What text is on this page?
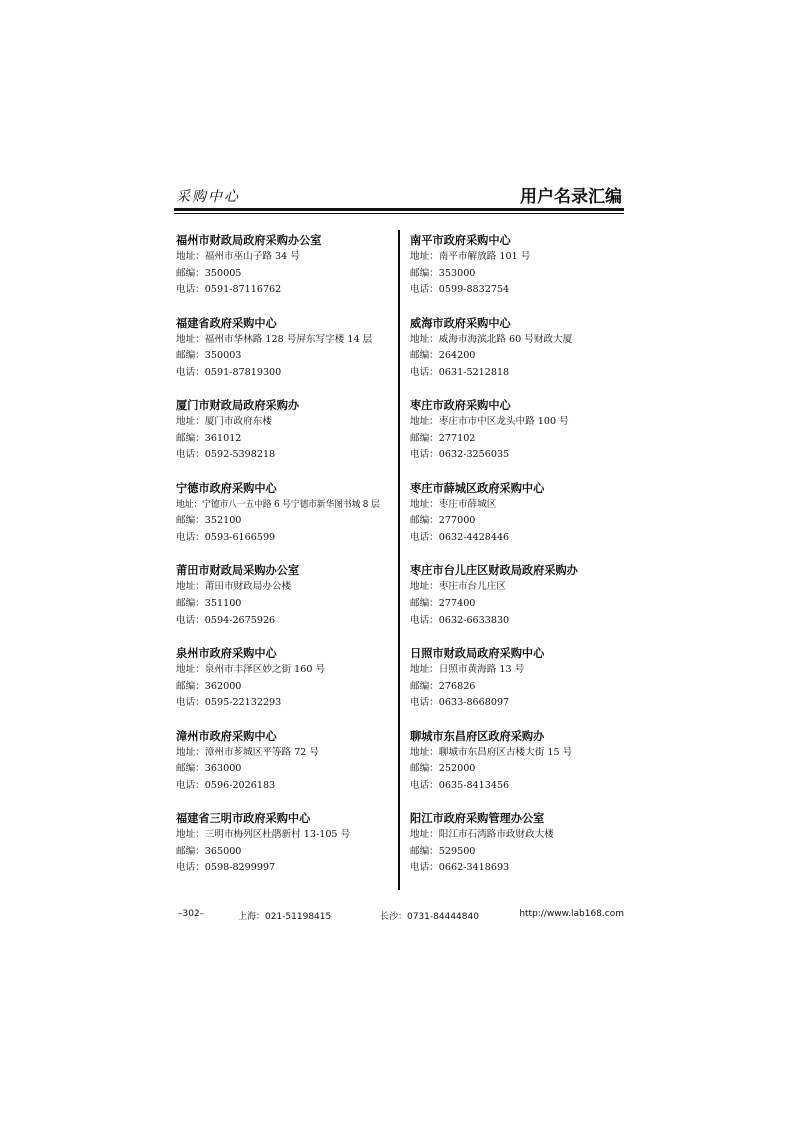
采购中心	用户名录汇编
福州市财政局政府采购办公室
地址：福州市巫山子路 34 号
邮编：350005
电话：0591-87116762
福建省政府采购中心
地址：福州市华林路 128 号屏东写字楼 14 层
邮编：350003
电话：0591-87819300
厦门市财政局政府采购办
地址：厦门市政府东楼
邮编：361012
电话：0592-5398218
宁德市政府采购中心
地址：宁德市八一五中路 6 号宁德市新华图书城 8 层
邮编：352100
电话：0593-6166599
莆田市财政局采购办公室
地址：莆田市财政局办公楼
邮编：351100
电话：0594-2675926
泉州市政府采购中心
地址：泉州市丰泽区妙之街 160 号
邮编：362000
电话：0595-22132293
漳州市政府采购中心
地址：漳州市芗城区平等路 72 号
邮编：363000
电话：0596-2026183
福建省三明市政府采购中心
地址：三明市梅列区杜鹃新村 13-105 号
邮编：365000
电话：0598-8299997
南平市政府采购中心
地址：南平市解放路 101 号
邮编：353000
电话：0599-8832754
威海市政府采购中心
地址：威海市海滨北路 60 号财政大厦
邮编：264200
电话：0631-5212818
枣庄市政府采购中心
地址：枣庄市市中区龙头中路 100 号
邮编：277102
电话：0632-3256035
枣庄市薛城区政府采购中心
地址：枣庄市薛城区
邮编：277000
电话：0632-4428446
枣庄市台儿庄区财政局政府采购办
地址：枣庄市台儿庄区
邮编：277400
电话：0632-6633830
日照市财政局政府采购中心
地址：日照市黄海路 13 号
邮编：276826
电话：0633-8668097
聊城市东昌府区政府采购办
地址：聊城市东昌府区古楼大街 15 号
邮编：252000
电话：0635-8413456
阳江市政府采购管理办公室
地址：阳江市石湾路市政财政大楼
邮编：529500
电话：0662-3418693
–302–	上海：021-51198415	长沙：0731-84444840	http://www.lab168.com
